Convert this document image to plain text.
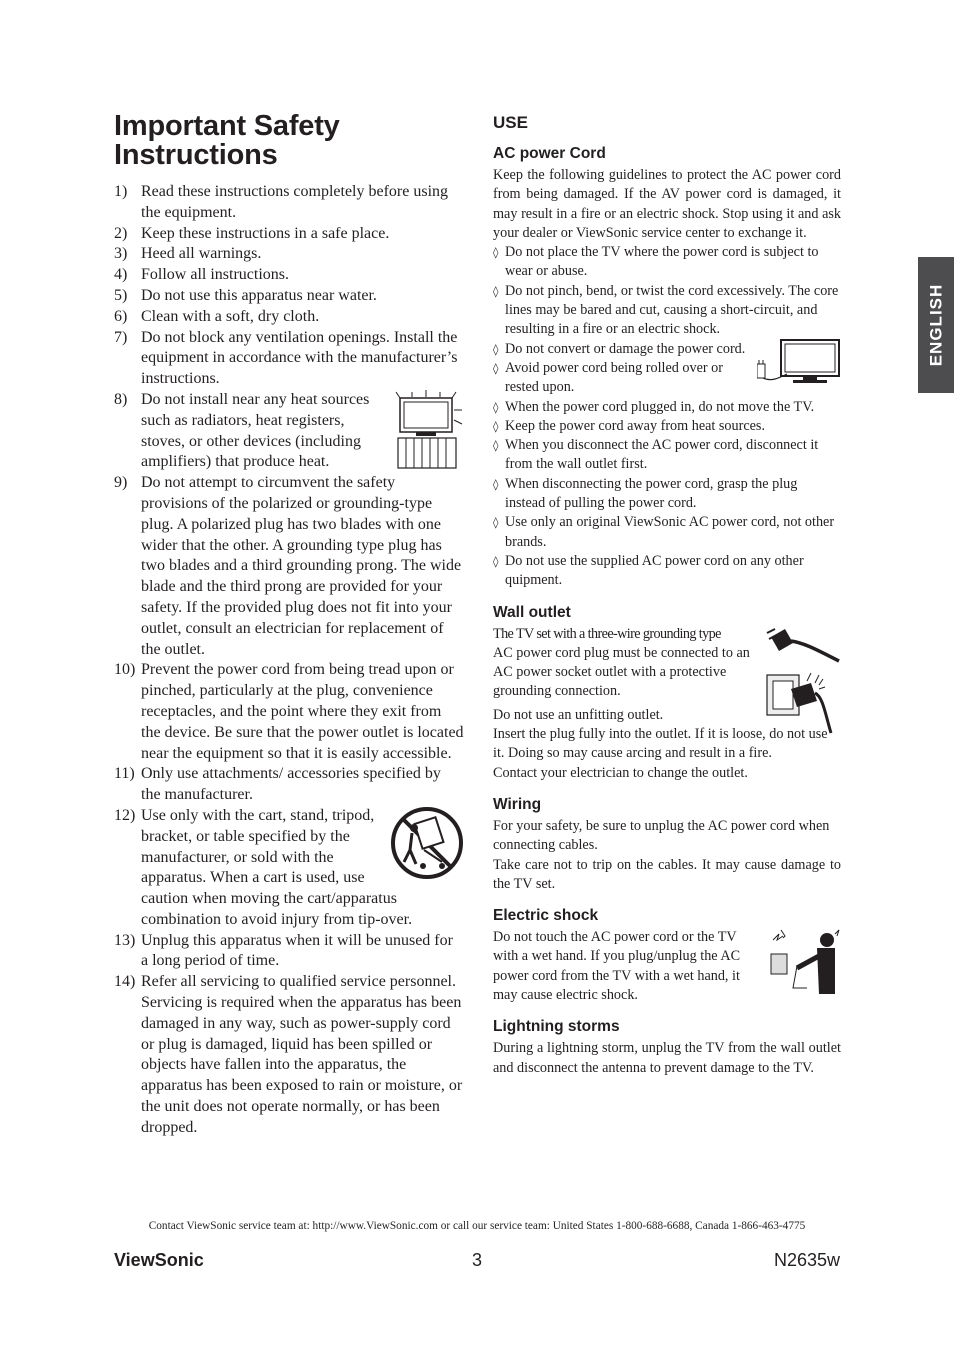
Important Safety
Instructions
1) Read these instructions completely before using the equipment.
2) Keep these instructions in a safe place.
3) Heed all warnings.
4) Follow all instructions.
5) Do not use this apparatus near water.
6) Clean with a soft, dry cloth.
7) Do not block any ventilation openings. Install the equipment in accordance with the manufacturer’s instructions.
8) Do not install near any heat sources such as radiators, heat registers, stoves, or other devices (including amplifiers) that produce heat.
9) Do not attempt to circumvent the safety provisions of the polarized or grounding-type plug. A polarized plug has two blades with one wider that the other. A grounding type plug has two blades and a third grounding prong. The wide blade and the third prong are provided for your safety. If the provided plug does not fit into your outlet, consult an electrician for replacement of the outlet.
10) Prevent the power cord from being tread upon or pinched, particularly at the plug, convenience receptacles, and the point where they exit from the device. Be sure that the power outlet is located near the equipment so that it is easily accessible.
11) Only use attachments/ accessories specified by the manufacturer.
12) Use only with the cart, stand, tripod, bracket, or table specified by the manufacturer, or sold with the apparatus. When a cart is used, use caution when moving the cart/apparatus combination to avoid injury from tip-over.
13) Unplug this apparatus when it will be unused for a long period of time.
14) Refer all servicing to qualified service personnel. Servicing is required when the apparatus has been damaged in any way, such as power-supply cord or plug is damaged, liquid has been spilled or objects have fallen into the apparatus, the apparatus has been exposed to rain or moisture, or the unit does not operate normally, or has been dropped.
USE
AC power Cord

Keep the following guidelines to protect the AC power cord from being damaged. If the AV power cord is damaged, it may result in a fire or an electric shock. Stop using it and ask your dealer or ViewSonic service center to exchange it.

◊ Do not place the TV where the power cord is subject to wear or abuse.
◊ Do not pinch, bend, or twist the cord excessively. The core lines may be bared and cut, causing a short-circuit, and resulting in a fire or an electric shock.
◊ Do not convert or damage the power cord.
◊ Avoid power cord being rolled over or rested upon.
◊ When the power cord plugged in, do not move the TV.
◊ Keep the power cord away from heat sources.
◊ When you disconnect the AC power cord, disconnect it from the wall outlet first.
◊ When disconnecting the power cord, grasp the plug instead of pulling the power cord.
◊ Use only an original ViewSonic AC power cord, not other brands.
◊ Do not use the supplied AC power cord on any other quipment.
Wall outlet

The TV set with a three-wire grounding type

AC power cord plug must be connected to an AC power socket outlet with a protective grounding connection.

Do not use an unfitting outlet.

Insert the plug fully into the outlet. If it is loose, do not use it. Doing so may cause arcing and result in a fire.

Contact your electrician to change the outlet.

Wiring

For your safety, be sure to unplug the AC power cord when connecting cables.

Take care not to trip on the cables. It may cause damage to the TV set.

Electric shock

Do not touch the AC power cord or the TV with a wet hand. If you plug/unplug the AC power cord from the TV with a wet hand, it may cause electric shock.

Lightning storms

During a lightning storm, unplug the TV from the wall outlet and disconnect the antenna to prevent damage to the TV.

ENGLISH
Contact ViewSonic service team at: http://www.ViewSonic.com or call our service team: United States 1-800-688-6688, Canada 1-866-463-4775
ViewSonic	3	N2635w
